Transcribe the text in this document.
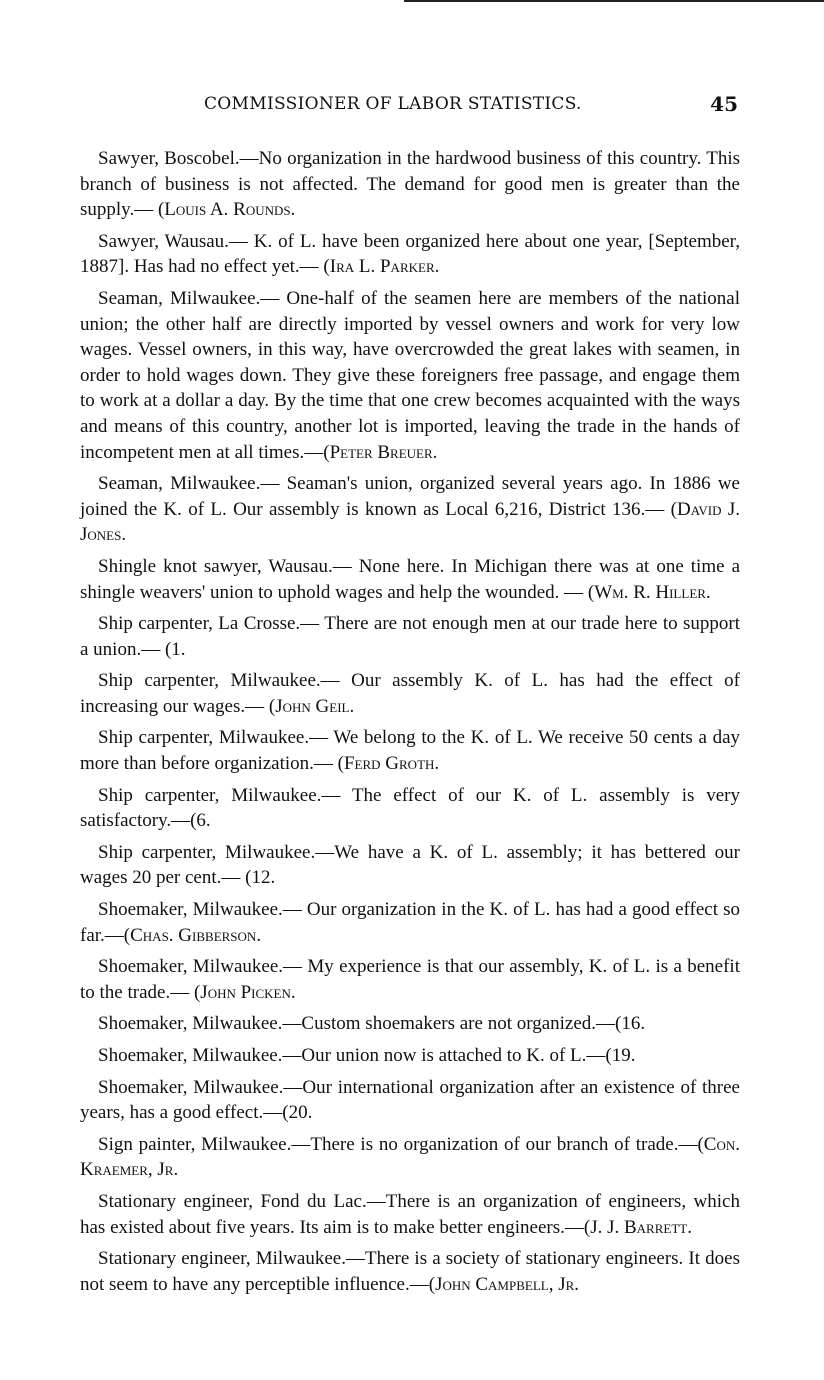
COMMISSIONER OF LABOR STATISTICS.	45

Sawyer, Boscobel.—No organization in the hardwood business of this country. This branch of business is not affected. The demand for good men is greater than the supply.— (Louis A. Rounds.

Sawyer, Wausau.— K. of L. have been organized here about one year, [September, 1887]. Has had no effect yet.— (Ira L. Parker.

Seaman, Milwaukee.— One-half of the seamen here are members of the national union; the other half are directly imported by vessel owners and work for very low wages. Vessel owners, in this way, have overcrowded the great lakes with seamen, in order to hold wages down. They give these foreigners free passage, and engage them to work at a dollar a day. By the time that one crew becomes acquainted with the ways and means of this country, another lot is imported, leaving the trade in the hands of incompetent men at all times.—(Peter Breuer.

Seaman, Milwaukee.— Seaman's union, organized several years ago. In 1886 we joined the K. of L. Our assembly is known as Local 6,216, District 136.— (David J. Jones.

Shingle knot sawyer, Wausau.— None here. In Michigan there was at one time a shingle weavers' union to uphold wages and help the wounded. — (Wm. R. Hiller.

Ship carpenter, La Crosse.— There are not enough men at our trade here to support a union.— (1.

Ship carpenter, Milwaukee.— Our assembly K. of L. has had the effect of increasing our wages.— (John Geil.

Ship carpenter, Milwaukee.— We belong to the K. of L. We receive 50 cents a day more than before organization.— (Ferd Groth.

Ship carpenter, Milwaukee.— The effect of our K. of L. assembly is very satisfactory.—(6.

Ship carpenter, Milwaukee.—We have a K. of L. assembly; it has bettered our wages 20 per cent.— (12.

Shoemaker, Milwaukee.— Our organization in the K. of L. has had a good effect so far.—(Chas. Gibberson.

Shoemaker, Milwaukee.— My experience is that our assembly, K. of L. is a benefit to the trade.— (John Picken.

Shoemaker, Milwaukee.—Custom shoemakers are not organized.—(16.

Shoemaker, Milwaukee.—Our union now is attached to K. of L.—(19.

Shoemaker, Milwaukee.—Our international organization after an existence of three years, has a good effect.—(20.

Sign painter, Milwaukee.—There is no organization of our branch of trade.—(Con. Kraemer, Jr.

Stationary engineer, Fond du Lac.—There is an organization of engineers, which has existed about five years. Its aim is to make better engineers.—(J. J. Barrett.

Stationary engineer, Milwaukee.—There is a society of stationary engineers. It does not seem to have any perceptible influence.—(John Campbell, Jr.
